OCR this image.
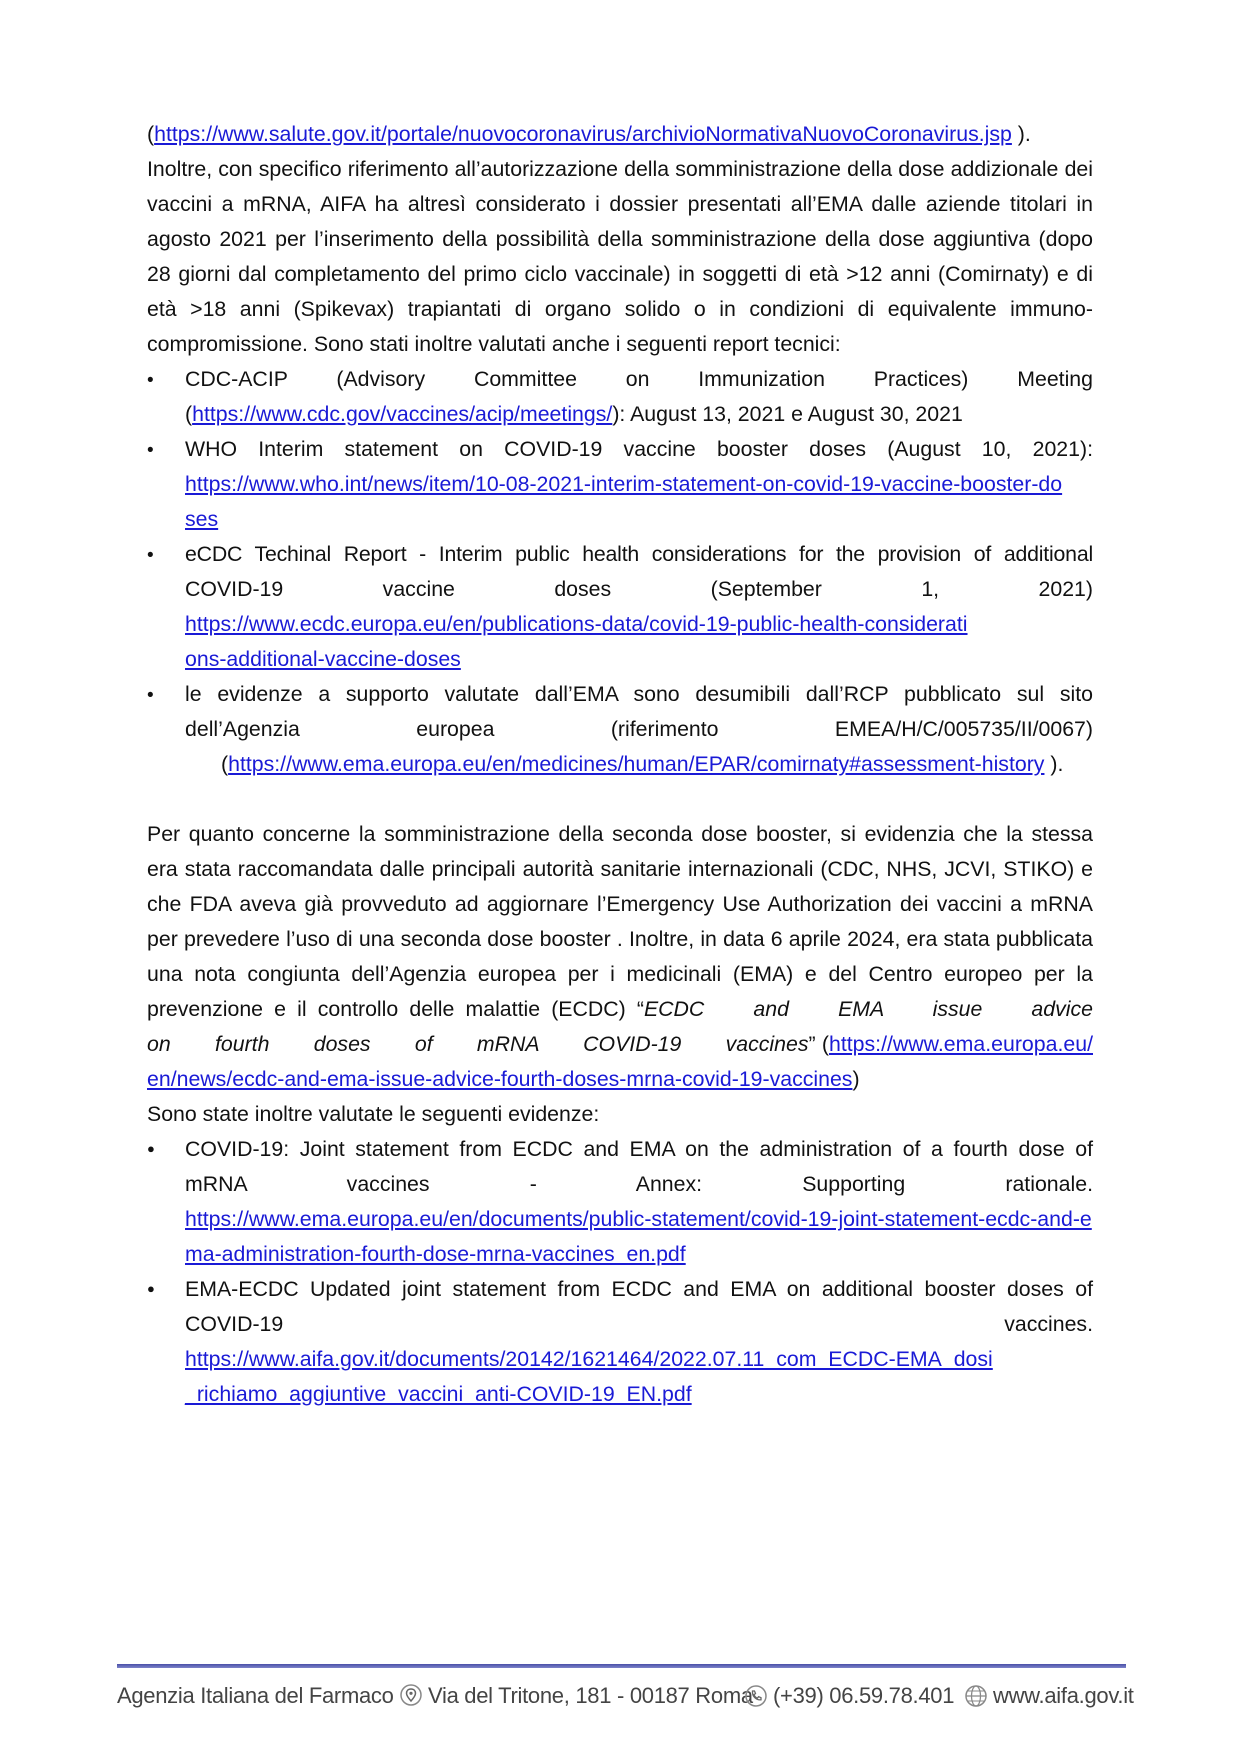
(https://www.salute.gov.it/portale/nuovocoronavirus/archivioNormativaNuovoCoronavirus.jsp ).

Inoltre, con specifico riferimento all’autorizzazione della somministrazione della dose addizionale dei vaccini a mRNA, AIFA ha altresì considerato i dossier presentati all’EMA dalle aziende titolari in agosto 2021 per l’inserimento della possibilità della somministrazione della dose aggiuntiva (dopo 28 giorni dal completamento del primo ciclo vaccinale) in soggetti di età >12 anni (Comirnaty) e di età >18 anni (Spikevax) trapiantati di organo solido o in condizioni di equivalente immuno-compromissione. Sono stati inoltre valutati anche i seguenti report tecnici:

•
CDC-ACIP (Advisory Committee on Immunization Practices) Meeting
(https://www.cdc.gov/vaccines/acip/meetings/): August 13, 2021 e August 30, 2021
•
WHO Interim statement on COVID-19 vaccine booster doses (August 10, 2021):
https://www.who.int/news/item/10-08-2021-interim-statement-on-covid-19-vaccine-booster-doses
•
eCDC Techinal Report - Interim public health considerations for the provision of additional
COVID-19 vaccine doses (September 1, 2021)
https://www.ecdc.europa.eu/en/publications-data/covid-19-public-health-considerations-additional-vaccine-doses
•
le evidenze a supporto valutate dall’EMA sono desumibili dall’RCP pubblicato sul sito
dell’Agenzia europea (riferimento EMEA/H/C/005735/II/0067)
(https://www.ema.europa.eu/en/medicines/human/EPAR/comirnaty#assessment-history ).

Per quanto concerne la somministrazione della seconda dose booster, si evidenzia che la stessa era stata raccomandata dalle principali autorità sanitarie internazionali (CDC, NHS, JCVI, STIKO) e che FDA aveva già provveduto ad aggiornare l’Emergency Use Authorization dei vaccini a mRNA per prevedere l’uso di una seconda dose booster . Inoltre, in data 6 aprile 2024, era stata pubblicata una nota congiunta dell’Agenzia europea per i medicinali (EMA) e del Centro europeo per la prevenzione e il controllo delle malattie (ECDC) “ECDC and EMA issue advice on fourth doses of mRNA COVID-19 vaccines” (https://www.ema.europa.eu/en/news/ecdc-and-ema-issue-advice-fourth-doses-mrna-covid-19-vaccines)

Sono state inoltre valutate le seguenti evidenze:

●
COVID-19: Joint statement from ECDC and EMA on the administration of a fourth dose of mRNA vaccines - Annex: Supporting rationale.
https://www.ema.europa.eu/en/documents/public-statement/covid-19-joint-statement-ecdc-and-ema-administration-fourth-dose-mrna-vaccines_en.pdf
●
EMA-ECDC Updated joint statement from ECDC and EMA on additional booster doses of COVID-19 vaccines.
https://www.aifa.gov.it/documents/20142/1621464/2022.07.11_com_ECDC-EMA_dosi_richiamo_aggiuntive_vaccini_anti-COVID-19_EN.pdf
Agenzia Italiana del Farmaco Via del Tritone, 181 - 00187 Roma (+39) 06.59.78.401 www.aifa.gov.it
